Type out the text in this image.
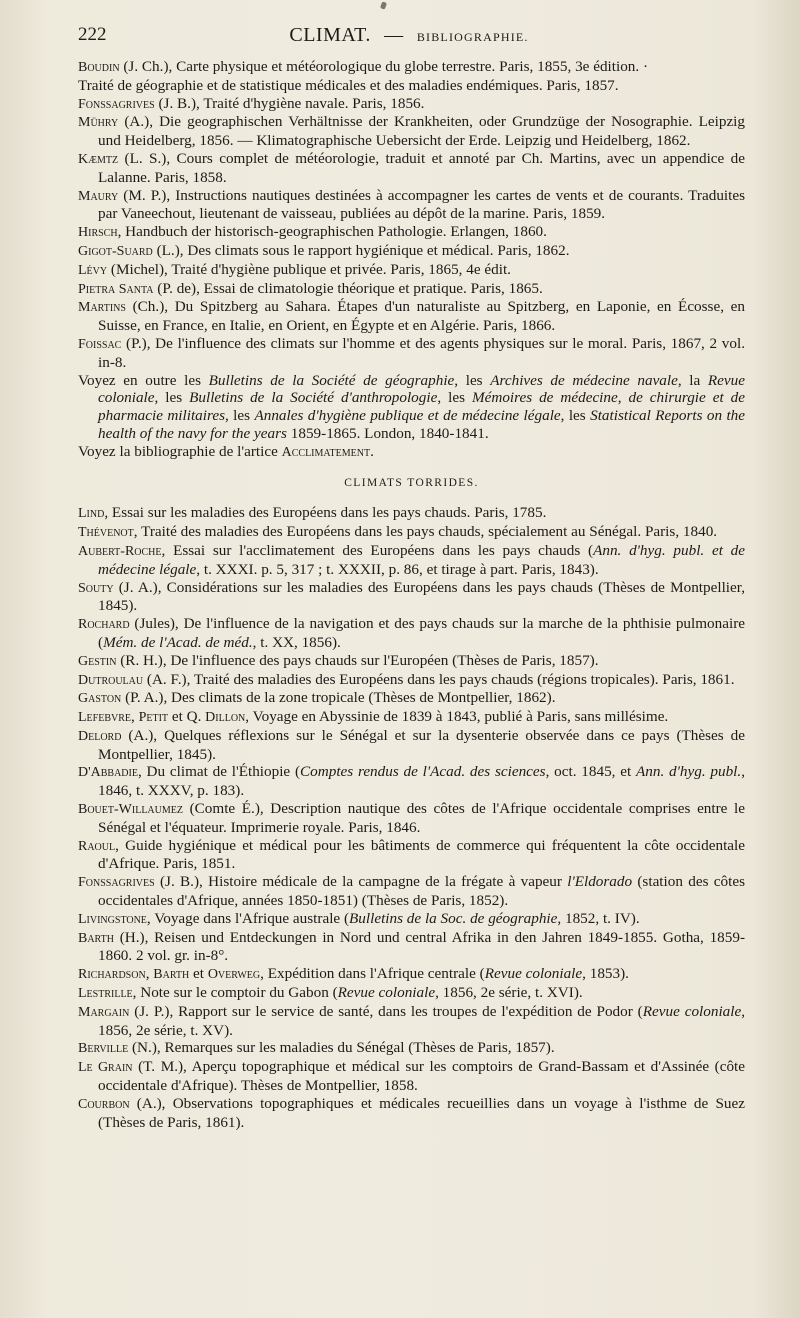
222	CLIMAT. — BIBLIOGRAPHIE.

Boudin (J. Ch.), Carte physique et météorologique du globe terrestre. Paris, 1855, 3e édition. ·

Traité de géographie et de statistique médicales et des maladies endémiques. Paris, 1857.

Fonssagrives (J. B.), Traité d'hygiène navale. Paris, 1856.

Mühry (A.), Die geographischen Verhältnisse der Krankheiten, oder Grundzüge der Nosographie. Leipzig und Heidelberg, 1856. — Klimatographische Uebersicht der Erde. Leipzig und Heidelberg, 1862.

Kæmtz (L. S.), Cours complet de météorologie, traduit et annoté par Ch. Martins, avec un appendice de Lalanne. Paris, 1858.

Maury (M. P.), Instructions nautiques destinées à accompagner les cartes de vents et de courants. Traduites par Vaneechout, lieutenant de vaisseau, publiées au dépôt de la marine. Paris, 1859.

Hirsch, Handbuch der historisch-geographischen Pathologie. Erlangen, 1860.

Gigot-Suard (L.), Des climats sous le rapport hygiénique et médical. Paris, 1862.

Lévy (Michel), Traité d'hygiène publique et privée. Paris, 1865, 4e édit.

Pietra Santa (P. de), Essai de climatologie théorique et pratique. Paris, 1865.

Martins (Ch.), Du Spitzberg au Sahara. Étapes d'un naturaliste au Spitzberg, en Laponie, en Écosse, en Suisse, en France, en Italie, en Orient, en Égypte et en Algérie. Paris, 1866.

Foissac (P.), De l'influence des climats sur l'homme et des agents physiques sur le moral. Paris, 1867, 2 vol. in-8.

Voyez en outre les Bulletins de la Société de géographie, les Archives de médecine navale, la Revue coloniale, les Bulletins de la Société d'anthropologie, les Mémoires de médecine, de chirurgie et de pharmacie militaires, les Annales d'hygiène publique et de médecine légale, les Statistical Reports on the health of the navy for the years 1859-1865. London, 1840-1841.

Voyez la bibliographie de l'artice Acclimatement.

CLIMATS TORRIDES.

Lind, Essai sur les maladies des Européens dans les pays chauds. Paris, 1785.

Thévenot, Traité des maladies des Européens dans les pays chauds, spécialement au Sénégal. Paris, 1840.

Aubert-Roche, Essai sur l'acclimatement des Européens dans les pays chauds (Ann. d'hyg. publ. et de médecine légale, t. XXXI. p. 5, 317 ; t. XXXII, p. 86, et tirage à part. Paris, 1843).

Souty (J. A.), Considérations sur les maladies des Européens dans les pays chauds (Thèses de Montpellier, 1845).

Rochard (Jules), De l'influence de la navigation et des pays chauds sur la marche de la phthisie pulmonaire (Mém. de l'Acad. de méd., t. XX, 1856).

Gestin (R. H.), De l'influence des pays chauds sur l'Européen (Thèses de Paris, 1857).

Dutroulau (A. F.), Traité des maladies des Européens dans les pays chauds (régions tropicales). Paris, 1861.

Gaston (P. A.), Des climats de la zone tropicale (Thèses de Montpellier, 1862).

Lefebvre, Petit et Q. Dillon, Voyage en Abyssinie de 1839 à 1843, publié à Paris, sans millésime.

Delord (A.), Quelques réflexions sur le Sénégal et sur la dysenterie observée dans ce pays (Thèses de Montpellier, 1845).

D'Abbadie, Du climat de l'Éthiopie (Comptes rendus de l'Acad. des sciences, oct. 1845, et Ann. d'hyg. publ., 1846, t. XXXV, p. 183).

Bouet-Willaumez (Comte É.), Description nautique des côtes de l'Afrique occidentale comprises entre le Sénégal et l'équateur. Imprimerie royale. Paris, 1846.

Raoul, Guide hygiénique et médical pour les bâtiments de commerce qui fréquentent la côte occidentale d'Afrique. Paris, 1851.

Fonssagrives (J. B.), Histoire médicale de la campagne de la frégate à vapeur l'Eldorado (station des côtes occidentales d'Afrique, années 1850-1851) (Thèses de Paris, 1852).

Livingstone, Voyage dans l'Afrique australe (Bulletins de la Soc. de géographie, 1852, t. IV).

Barth (H.), Reisen und Entdeckungen in Nord und central Afrika in den Jahren 1849-1855. Gotha, 1859-1860. 2 vol. gr. in-8°.

Richardson, Barth et Overweg, Expédition dans l'Afrique centrale (Revue coloniale, 1853).

Lestrille, Note sur le comptoir du Gabon (Revue coloniale, 1856, 2e série, t. XVI).

Margain (J. P.), Rapport sur le service de santé, dans les troupes de l'expédition de Podor (Revue coloniale, 1856, 2e série, t. XV).

Berville (N.), Remarques sur les maladies du Sénégal (Thèses de Paris, 1857).

Le Grain (T. M.), Aperçu topographique et médical sur les comptoirs de Grand-Bassam et d'Assinée (côte occidentale d'Afrique). Thèses de Montpellier, 1858.

Courbon (A.), Observations topographiques et médicales recueillies dans un voyage à l'isthme de Suez (Thèses de Paris, 1861).
